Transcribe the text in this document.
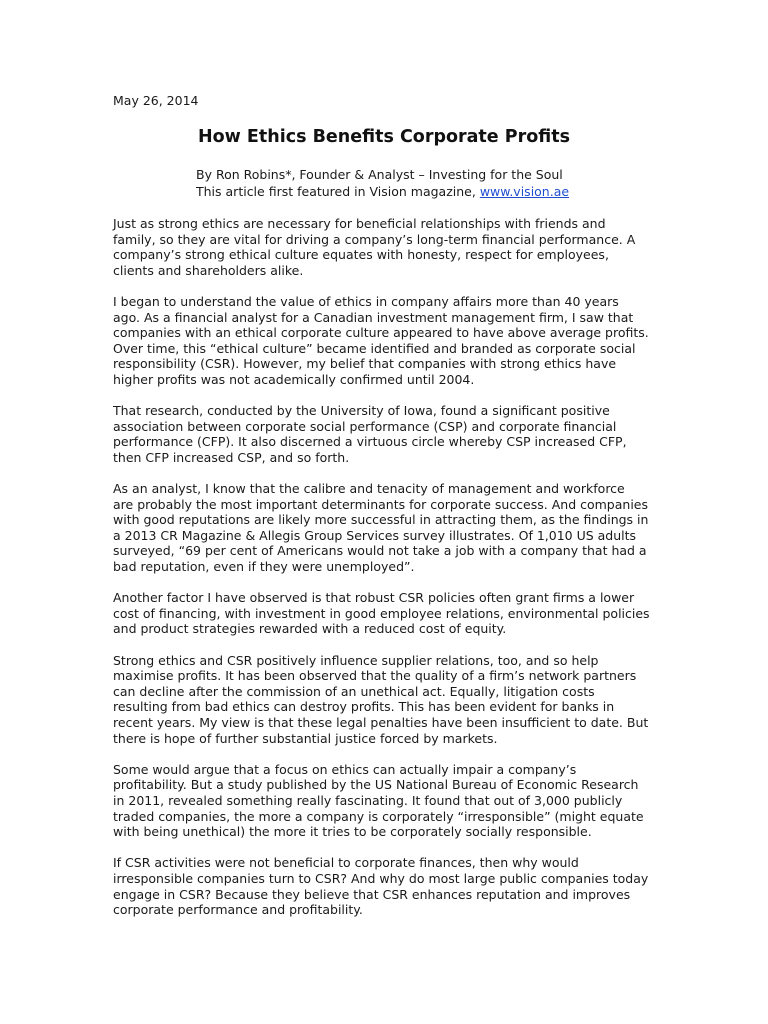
May 26, 2014
How Ethics Benefits Corporate Profits
By Ron Robins*, Founder & Analyst – Investing for the Soul
This article first featured in Vision magazine, www.vision.ae

Just as strong ethics are necessary for beneficial relationships with friends and
family, so they are vital for driving a company’s long-term financial performance. A
company’s strong ethical culture equates with honesty, respect for employees,
clients and shareholders alike.

I began to understand the value of ethics in company affairs more than 40 years
ago. As a financial analyst for a Canadian investment management firm, I saw that
companies with an ethical corporate culture appeared to have above average profits.
Over time, this “ethical culture” became identified and branded as corporate social
responsibility (CSR). However, my belief that companies with strong ethics have
higher profits was not academically confirmed until 2004.

That research, conducted by the University of Iowa, found a significant positive
association between corporate social performance (CSP) and corporate financial
performance (CFP). It also discerned a virtuous circle whereby CSP increased CFP,
then CFP increased CSP, and so forth.

As an analyst, I know that the calibre and tenacity of management and workforce
are probably the most important determinants for corporate success. And companies
with good reputations are likely more successful in attracting them, as the findings in
a 2013 CR Magazine & Allegis Group Services survey illustrates. Of 1,010 US adults
surveyed, “69 per cent of Americans would not take a job with a company that had a
bad reputation, even if they were unemployed”.

Another factor I have observed is that robust CSR policies often grant firms a lower
cost of financing, with investment in good employee relations, environmental policies
and product strategies rewarded with a reduced cost of equity.

Strong ethics and CSR positively influence supplier relations, too, and so help
maximise profits. It has been observed that the quality of a firm’s network partners
can decline after the commission of an unethical act. Equally, litigation costs
resulting from bad ethics can destroy profits. This has been evident for banks in
recent years. My view is that these legal penalties have been insufficient to date. But
there is hope of further substantial justice forced by markets.

Some would argue that a focus on ethics can actually impair a company’s
profitability. But a study published by the US National Bureau of Economic Research
in 2011, revealed something really fascinating. It found that out of 3,000 publicly
traded companies, the more a company is corporately “irresponsible” (might equate
with being unethical) the more it tries to be corporately socially responsible.

If CSR activities were not beneficial to corporate finances, then why would
irresponsible companies turn to CSR? And why do most large public companies today
engage in CSR? Because they believe that CSR enhances reputation and improves
corporate performance and profitability.
